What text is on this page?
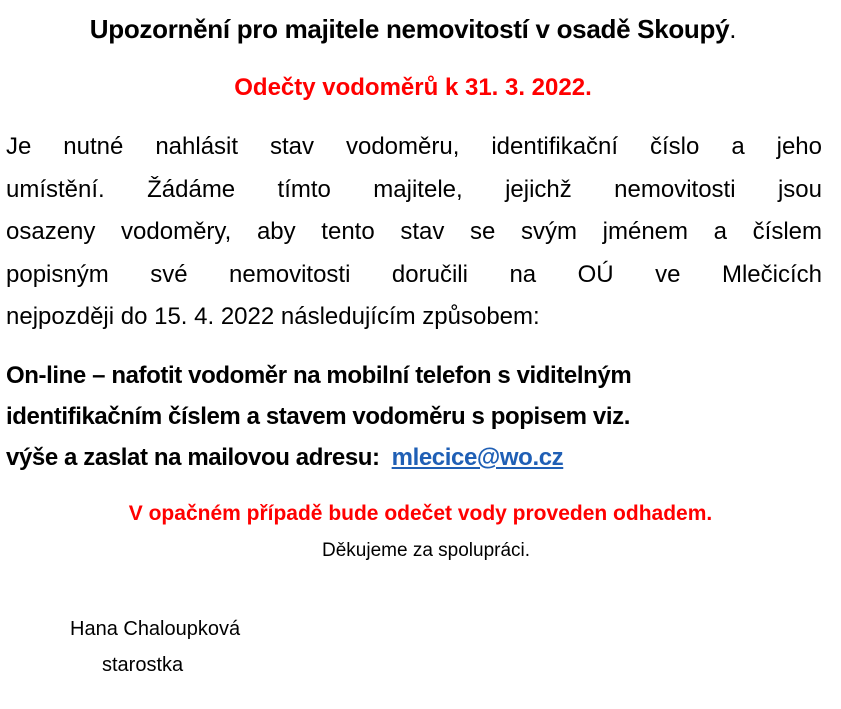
Upozornění pro majitele nemovitostí v osadě Skoupý.
Odečty vodoměrů k 31. 3. 2022.
Je nutné nahlásit stav vodoměru, identifikační číslo a jeho
umístění. Žádáme tímto majitele, jejichž nemovitosti jsou
osazeny vodoměry, aby tento stav se svým jménem a číslem
popisným své nemovitosti doručili na OÚ ve Mlečicích
nejpozději do 15. 4. 2022 následujícím způsobem:
On-line – nafotit vodoměr na mobilní telefon s viditelným
identifikačním číslem a stavem vodoměru s popisem viz.
výše a zaslat na mailovou adresu: mlecice@wo.cz
V opačném případě bude odečet vody proveden odhadem.
Děkujeme za spolupráci.
Hana Chaloupková
starostka
